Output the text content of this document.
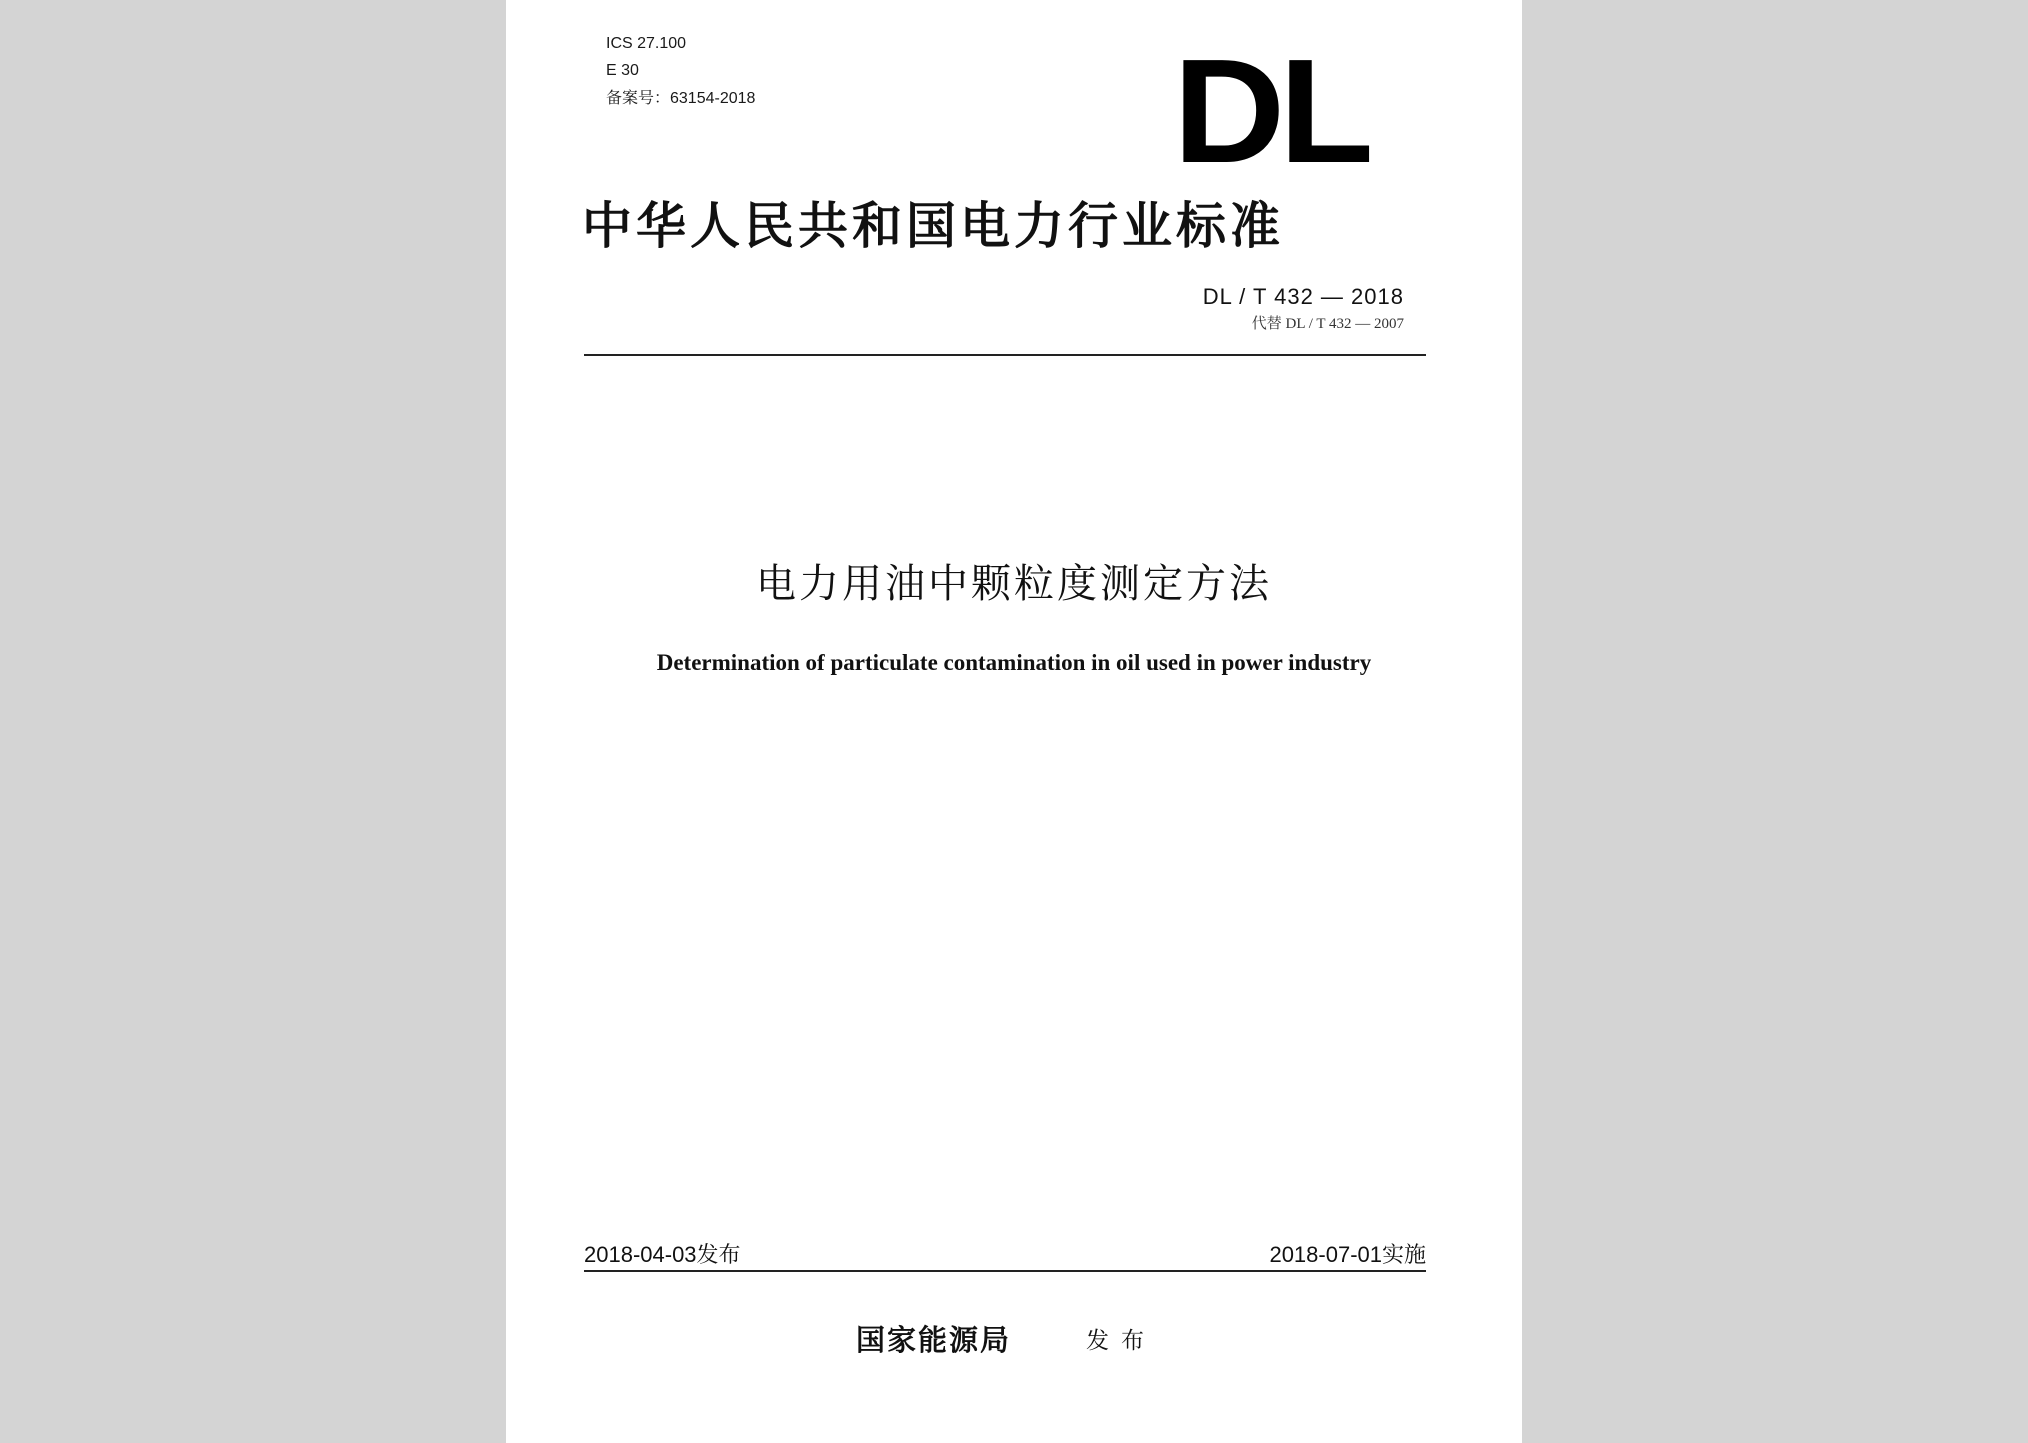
ICS 27.100
E 30
备案号：63154-2018	DL
中华人民共和国电力行业标准
DL / T 432 — 2018
代替 DL / T 432 — 2007
电力用油中颗粒度测定方法
Determination of particulate contamination in oil used in power industry
2018-04-03发布	2018-07-01实施
国家能源局	发布
